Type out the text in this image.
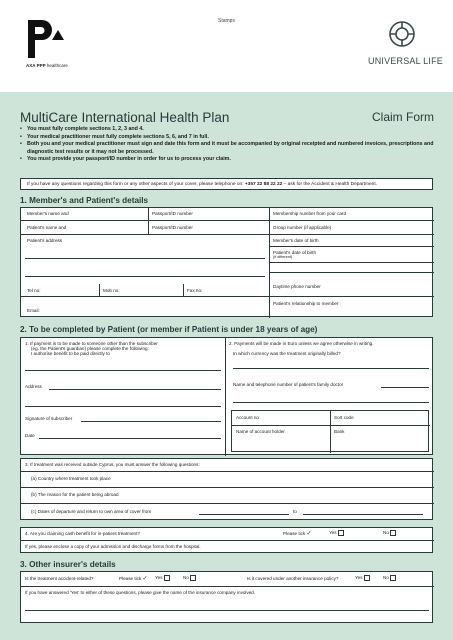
Stamps
AXA PPP healthcare	UNIVERSAL LIFE
MultiCare International Health Plan	Claim Form
• You must fully complete sections 1, 2, 3 and 4.
• Your medical practitioner must fully complete sections 5, 6, and 7 in full.
• Both you and your medical practitioner must sign and date this form and it must be accompanied by original receipted and numbered invoices, prescriptions and diagnostic test results or it may not be processed.
• You must provide your passport/ID number in order for us to process your claim.
If you have any questions regarding this form or any other aspects of your cover, please telephone on: +357 22 88 22 22 – ask for the Accident & Health Department.
1. Member's and Patient's details
Member's name and	Passport/ID number	Membership number from your card
Patient's name and	Passport/ID number	Group number (if applicable)
Patient's address	Member's date of birth
Patient's date of birth
(if different)
Tel no:	Mob no:	Fax no:
Daytime phone number
Email:
Patient's relationship to member
2. To be completed by Patient (or member if Patient is under 18 years of age)
1. If payment is to be made to someone other than the subscriber
(eg. the Patient's guardian) please complete the following:
I authorise benefit to be paid directly to
Address
Signature of subscriber
Date
2. Payments will be made in Euro unless we agree otherwise in writing.
In which currency was the treatment originally billed?
Name and telephone number of patient's family doctor
Account no	Sort code
Name of account holder	Bank
3. If treatment was received outside Cyprus, you must answer the following questions:
(a) Country where treatment took place
(b) The reason for the patient being abroad
(c) Dates of departure and return to own area of cover from	to
4. Are you claiming cash benefit for in-patient treatment?	Please tick ✓	Yes	No
If yes, please enclose a copy of your admission and discharge forms from the hospital.
3. Other insurer's details
Is the treatment accident-related?	Please tick ✓ Yes	No	Is it covered under another insurance policy?	Yes	No
If you have answered 'Yes' to either of these questions, please give the name of the insurance company involved.
